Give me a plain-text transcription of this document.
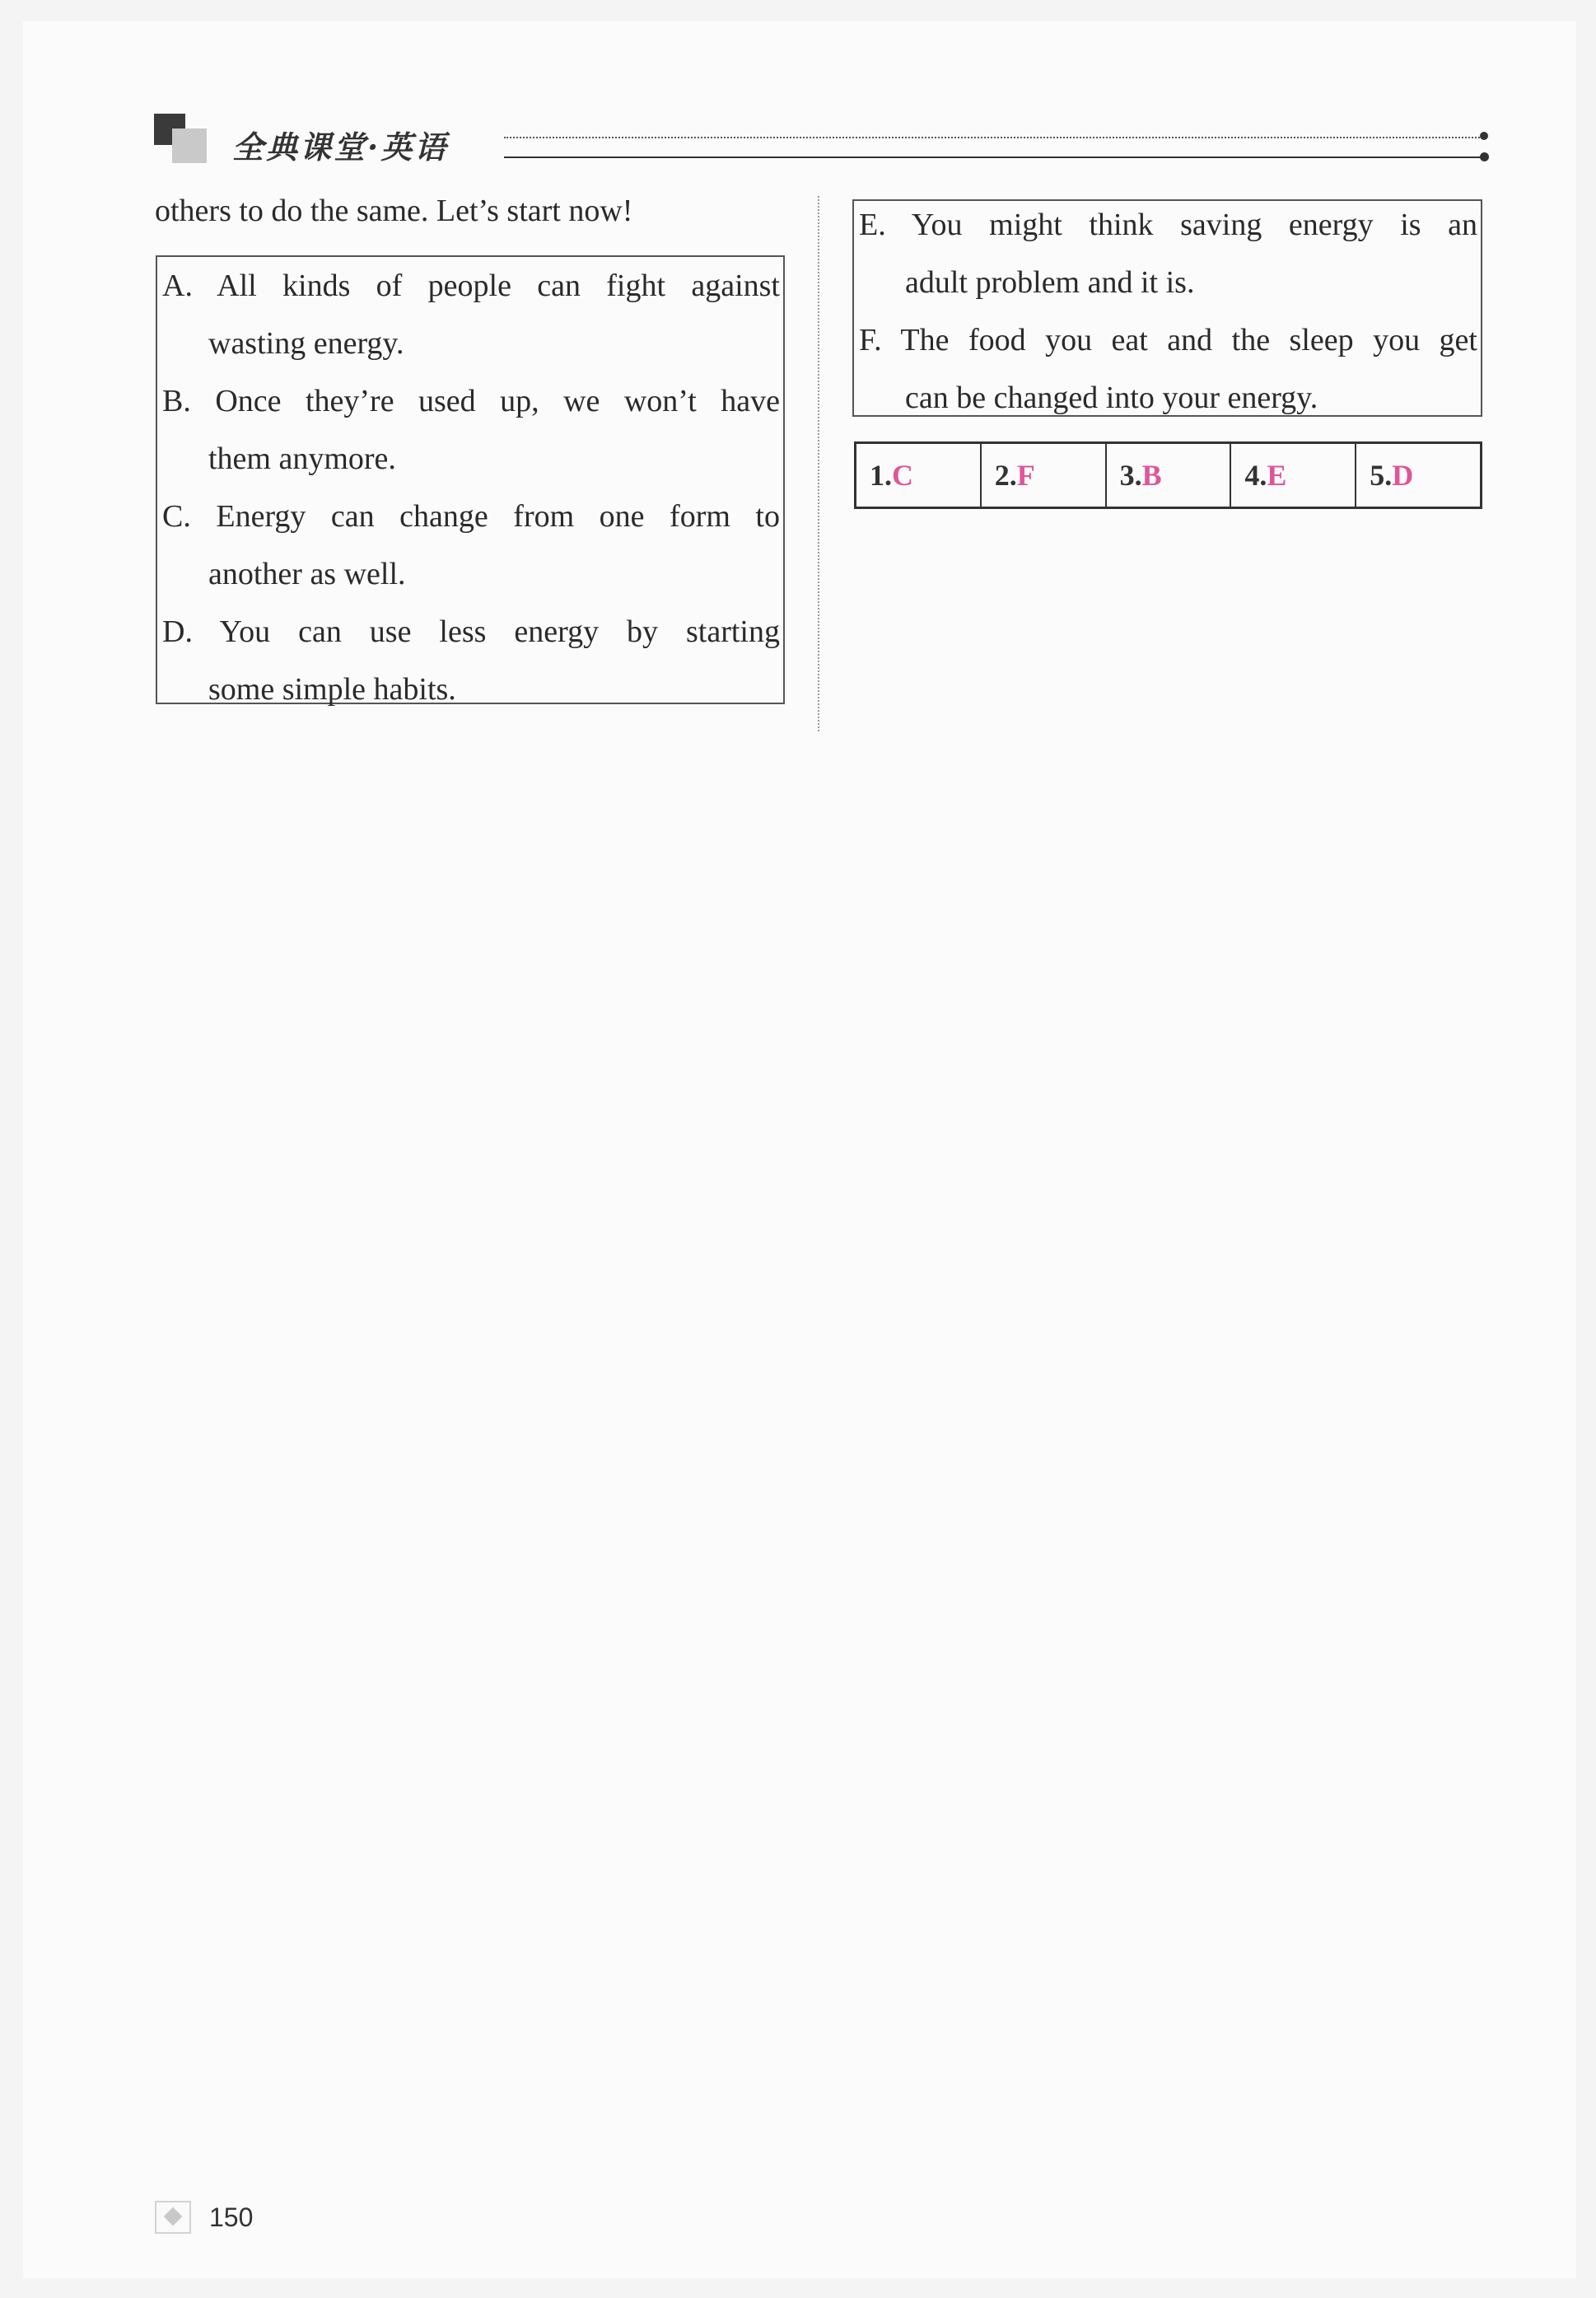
全典课堂·英语
others to do the same. Let’s start now!
A. All kinds of people can fight against
wasting energy.
B. Once they’re used up, we won’t have
them anymore.
C. Energy can change from one form to
another as well.
D. You can use less energy by starting
some simple habits.
E. You might think saving energy is an
adult problem and it is.
F. The food you eat and the sleep you get
can be changed into your energy.
1.C	2.F	3.B	4.E	5.D
150
